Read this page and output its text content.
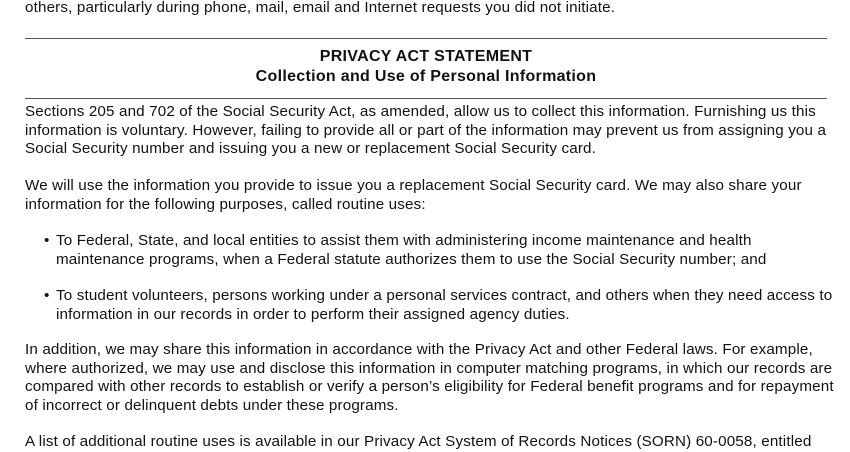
others, particularly during phone, mail, email and Internet requests you did not initiate.

PRIVACY ACT STATEMENT
Collection and Use of Personal Information

Sections 205 and 702 of the Social Security Act, as amended, allow us to collect this information. Furnishing us this

information is voluntary. However, failing to provide all or part of the information may prevent us from assigning you a

Social Security number and issuing you a new or replacement Social Security card.

We will use the information you provide to issue you a replacement Social Security card. We may also share your

information for the following purposes, called routine uses:

• To Federal, State, and local entities to assist them with administering income maintenance and health

maintenance programs, when a Federal statute authorizes them to use the Social Security number; and

• To student volunteers, persons working under a personal services contract, and others when they need access to

information in our records in order to perform their assigned agency duties.

In addition, we may share this information in accordance with the Privacy Act and other Federal laws. For example,

where authorized, we may use and disclose this information in computer matching programs, in which our records are

compared with other records to establish or verify a person’s eligibility for Federal benefit programs and for repayment

of incorrect or delinquent debts under these programs.

A list of additional routine uses is available in our Privacy Act System of Records Notices (SORN) 60-0058, entitled
